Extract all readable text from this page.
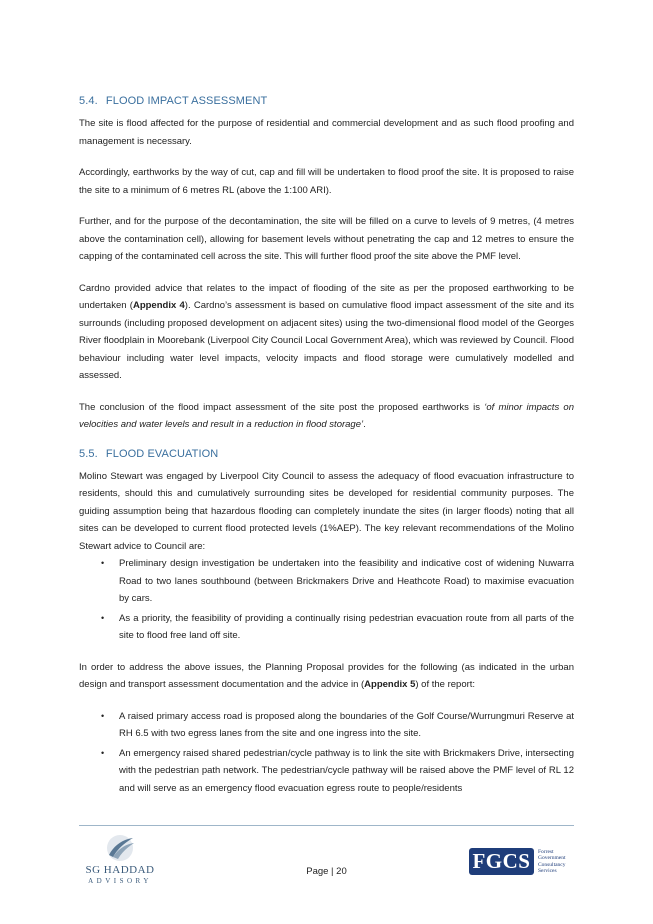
5.4. FLOOD IMPACT ASSESSMENT

The site is flood affected for the purpose of residential and commercial development and as such flood proofing and management is necessary.

Accordingly, earthworks by the way of cut, cap and fill will be undertaken to flood proof the site. It is proposed to raise the site to a minimum of 6 metres RL (above the 1:100 ARI).

Further, and for the purpose of the decontamination, the site will be filled on a curve to levels of 9 metres, (4 metres above the contamination cell), allowing for basement levels without penetrating the cap and 12 metres to ensure the capping of the contaminated cell across the site. This will further flood proof the site above the PMF level.

Cardno provided advice that relates to the impact of flooding of the site as per the proposed earthworking to be undertaken (Appendix 4). Cardno’s assessment is based on cumulative flood impact assessment of the site and its surrounds (including proposed development on adjacent sites) using the two-dimensional flood model of the Georges River floodplain in Moorebank (Liverpool City Council Local Government Area), which was reviewed by Council. Flood behaviour including water level impacts, velocity impacts and flood storage were cumulatively modelled and assessed.

The conclusion of the flood impact assessment of the site post the proposed earthworks is ‘of minor impacts on velocities and water levels and result in a reduction in flood storage’.

5.5. FLOOD EVACUATION

Molino Stewart was engaged by Liverpool City Council to assess the adequacy of flood evacuation infrastructure to residents, should this and cumulatively surrounding sites be developed for residential community purposes. The guiding assumption being that hazardous flooding can completely inundate the sites (in larger floods) noting that all sites can be developed to current flood protected levels (1%AEP). The key relevant recommendations of the Molino Stewart advice to Council are:

• Preliminary design investigation be undertaken into the feasibility and indicative cost of widening Nuwarra Road to two lanes southbound (between Brickmakers Drive and Heathcote Road) to maximise evacuation by cars.
• As a priority, the feasibility of providing a continually rising pedestrian evacuation route from all parts of the site to flood free land off site.

In order to address the above issues, the Planning Proposal provides for the following (as indicated in the urban design and transport assessment documentation and the advice in (Appendix 5) of the report:

• A raised primary access road is proposed along the boundaries of the Golf Course/Wurrungmuri Reserve at RH 6.5 with two egress lanes from the site and one ingress into the site.
• An emergency raised shared pedestrian/cycle pathway is to link the site with Brickmakers Drive, intersecting with the pedestrian path network. The pedestrian/cycle pathway will be raised above the PMF level of RL 12 and will serve as an emergency flood evacuation egress route to people/residents
SG HADDAD
ADVISORY
Page | 20	FGCS	Forrest
Government
Consultancy
Services
